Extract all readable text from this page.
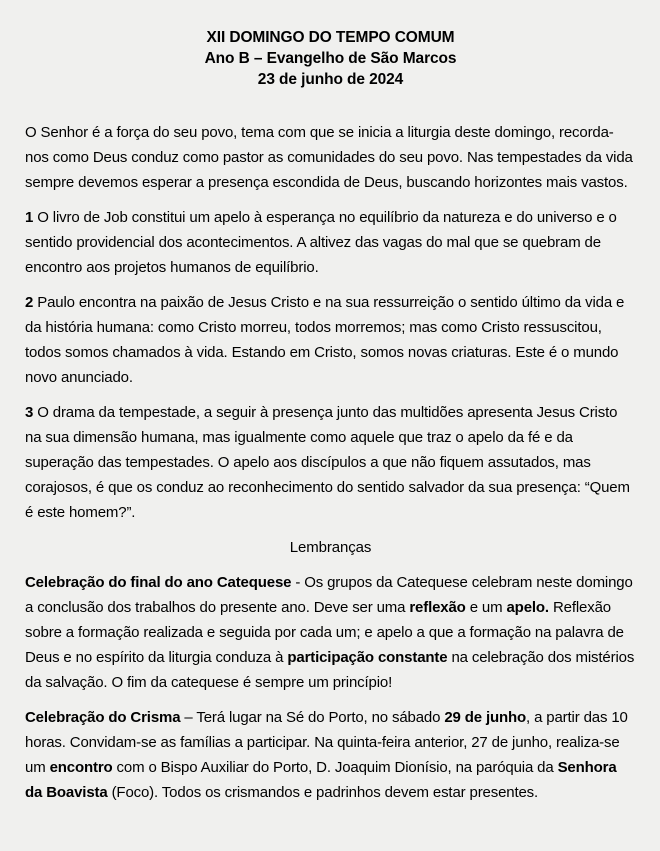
XII DOMINGO DO TEMPO COMUM
Ano B – Evangelho de São Marcos
23 de junho de 2024

O Senhor é a força do seu povo, tema com que se inicia a liturgia deste domingo, recorda-nos como Deus conduz como pastor as comunidades do seu povo. Nas tempestades da vida sempre devemos esperar a presença escondida de Deus, buscando horizontes mais vastos.

1 O livro de Job constitui um apelo à esperança no equilíbrio da natureza e do universo e o sentido providencial dos acontecimentos. A altivez das vagas do mal que se quebram de encontro aos projetos humanos de equilíbrio.

2 Paulo encontra na paixão de Jesus Cristo e na sua ressurreição o sentido último da vida e da história humana: como Cristo morreu, todos morremos; mas como Cristo ressuscitou, todos somos chamados à vida. Estando em Cristo, somos novas criaturas. Este é o mundo novo anunciado.

3 O drama da tempestade, a seguir à presença junto das multidões apresenta Jesus Cristo na sua dimensão humana, mas igualmente como aquele que traz o apelo da fé e da superação das tempestades. O apelo aos discípulos a que não fiquem assutados, mas corajosos, é que os conduz ao reconhecimento do sentido salvador da sua presença: “Quem é este homem?”.

Lembranças

Celebração do final do ano Catequese - Os grupos da Catequese celebram neste domingo a conclusão dos trabalhos do presente ano. Deve ser uma reflexão e um apelo. Reflexão sobre a formação realizada e seguida por cada um; e apelo a que a formação na palavra de Deus e no espírito da liturgia conduza à participação constante na celebração dos mistérios da salvação. O fim da catequese é sempre um princípio!

Celebração do Crisma – Terá lugar na Sé do Porto, no sábado 29 de junho, a partir das 10 horas. Convidam-se as famílias a participar. Na quinta-feira anterior, 27 de junho, realiza-se um encontro com o Bispo Auxiliar do Porto, D. Joaquim Dionísio, na paróquia da Senhora da Boavista (Foco). Todos os crismandos e padrinhos devem estar presentes.
